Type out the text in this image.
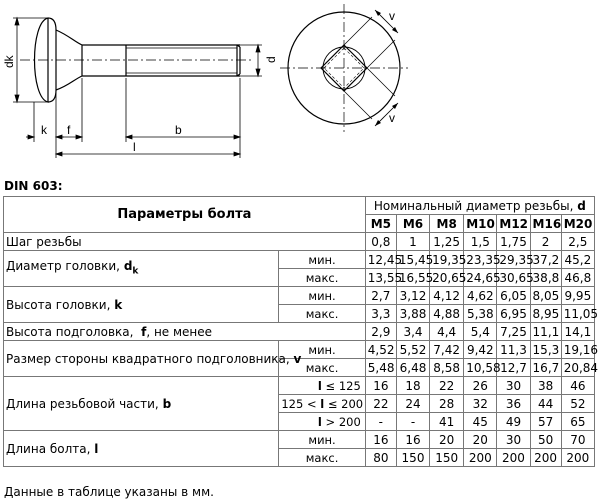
dk
k f	b
l
d
v
v
DIN 603:
Параметры болта		Номинальный диаметр резьбы, d						
		M5	M6	M8	M10	M12	M16	M20
Шаг резьбы		0,8	1	1,25	1,5	1,75	2	2,5
Диаметр головки, $d_k$	мин.	12,45	15,45	19,35	23,35	29,35	37,2	45,2
	макс.	13,55	16,55	20,65	24,65	30,65	38,8	46,8
Высота головки, k	мин.	2,7	3,12	4,12	4,62	6,05	8,05	9,95
	макс.	3,3	3,88	4,88	5,38	6,95	8,95	11,05
Высота подголовка, f, не менее		2,9	3,4	4,4	5,4	7,25	11,1	14,1
Размер стороны квадратного подголовника, v	мин.	4,52	5,52	7,42	9,42	11,3	15,3	19,16
	макс.	5,48	6,48	8,58	10,58	12,7	16,7	20,84
Длина резьбовой части, b	l ≤ 125	16	18	22	26	30	38	46
	125 < l ≤ 200	22	24	28	32	36	44	52
	l > 200	-	-	41	45	49	57	65
Длина болта, l	мин.	16	16	20	20	30	50	70
	макс.	80	150	150	200	200	200	200
Данные в таблице указаны в мм.
